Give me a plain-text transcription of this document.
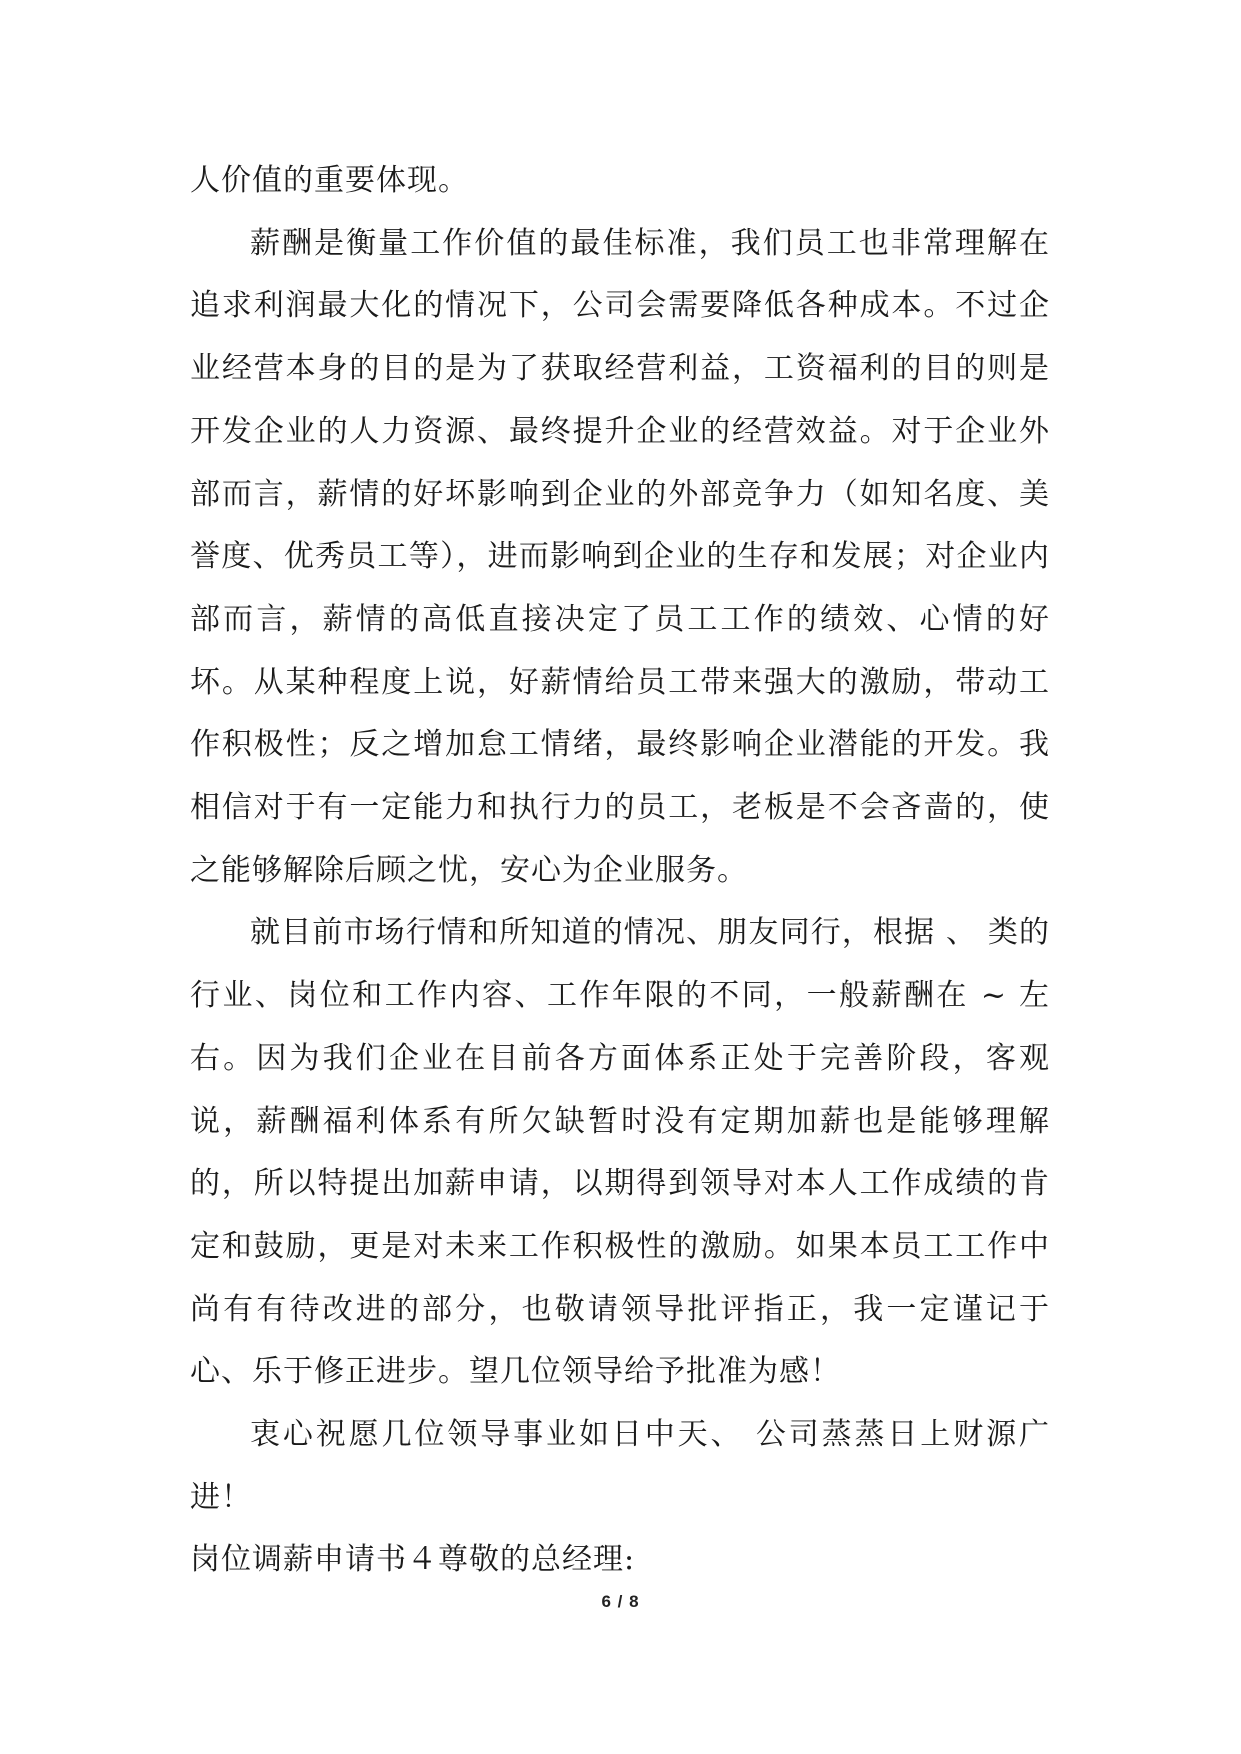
人价值的重要体现。

薪酬是衡量工作价值的最佳标准，我们员工也非常理解在追求利润最大化的情况下，公司会需要降低各种成本。不过企业经营本身的目的是为了获取经营利益，工资福利的目的则是开发企业的人力资源、最终提升企业的经营效益。对于企业外部而言，薪情的好坏影响到企业的外部竞争力（如知名度、美誉度、优秀员工等），进而影响到企业的生存和发展；对企业内部而言，薪情的高低直接决定了员工工作的绩效、心情的好坏。从某种程度上说，好薪情给员工带来强大的激励，带动工作积极性；反之增加怠工情绪，最终影响企业潜能的开发。我相信对于有一定能力和执行力的员工，老板是不会吝啬的，使之能够解除后顾之忧，安心为企业服务。

就目前市场行情和所知道的情况、朋友同行，根据 、 类的行业、岗位和工作内容、工作年限的不同，一般薪酬在 ~ 左右。因为我们企业在目前各方面体系正处于完善阶段，客观说，薪酬福利体系有所欠缺暂时没有定期加薪也是能够理解的，所以特提出加薪申请，以期得到领导对本人工作成绩的肯定和鼓励，更是对未来工作积极性的激励。如果本员工工作中尚有有待改进的部分，也敬请领导批评指正，我一定谨记于心、乐于修正进步。望几位领导给予批准为感！

衷心祝愿几位领导事业如日中天、 公司蒸蒸日上财源广进！

岗位调薪申请书４尊敬的总经理:

6 / 8
